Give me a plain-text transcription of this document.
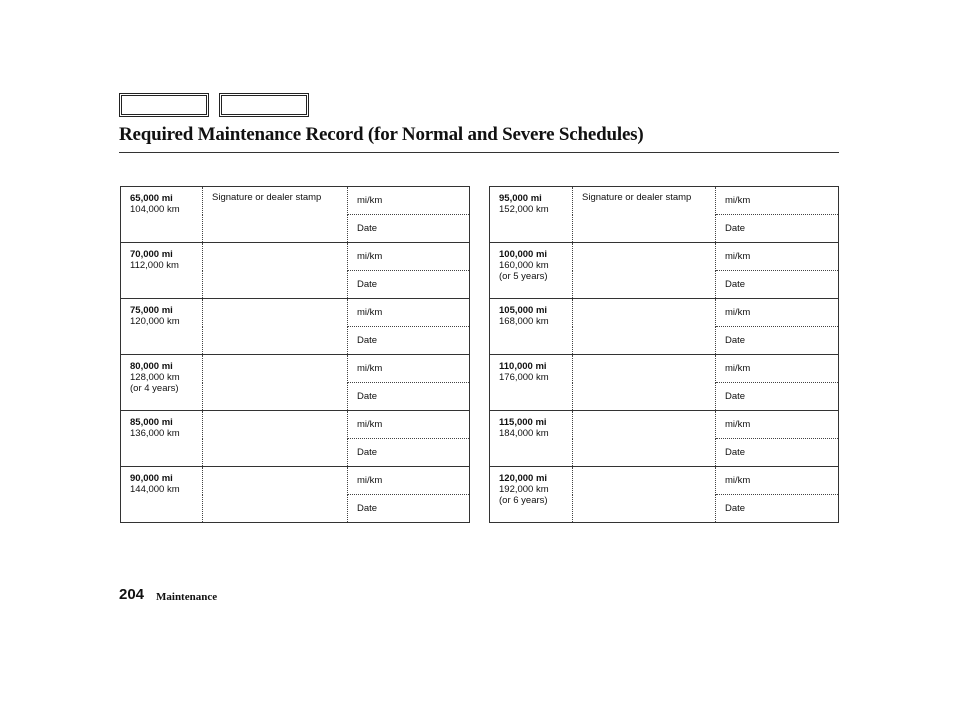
Required Maintenance Record (for Normal and Severe Schedules)
65,000 mi
104,000 km	Signature or dealer stamp	mi/km
		Date

70,000 mi
112,000 km		mi/km
		Date

75,000 mi
120,000 km		mi/km
		Date

80,000 mi
128,000 km
(or 4 years)		mi/km
		Date

85,000 mi
136,000 km		mi/km
		Date

90,000 mi
144,000 km		mi/km
		Date
95,000 mi
152,000 km	Signature or dealer stamp	mi/km
		Date

100,000 mi
160,000 km
(or 5 years)		mi/km
		Date

105,000 mi
168,000 km		mi/km
		Date

110,000 mi
176,000 km		mi/km
		Date

115,000 mi
184,000 km		mi/km
		Date

120,000 mi
192,000 km
(or 6 years)		mi/km
		Date
204 Maintenance
